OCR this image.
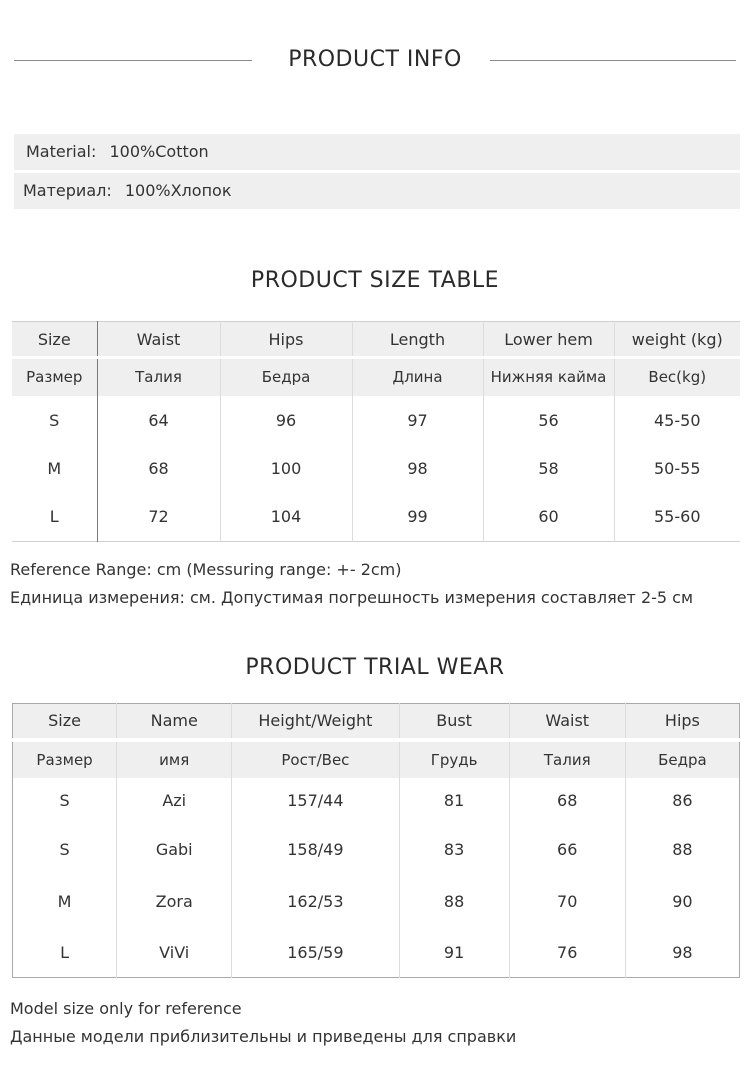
PRODUCT INFO
Material: 100%Cotton
Материал: 100%Хлопок
PRODUCT SIZE TABLE
Size	Waist	Hips	Length	Lower hem	weight (kg)
Размер	Талия	Бедра	Длина	Нижняя кайма	Вес(kg)
S	64	96	97	56	45-50
M	68	100	98	58	50-55
L	72	104	99	60	55-60
Reference Range: cm (Messuring range: +- 2cm)
Единица измерения: см. Допустимая погрешность измерения составляет 2-5 см
PRODUCT TRIAL WEAR
Size	Name	Height/Weight	Bust	Waist	Hips
Размер	имя	Рост/Вес	Грудь	Талия	Бедра
S	Azi	157/44	81	68	86
S	Gabi	158/49	83	66	88
M	Zora	162/53	88	70	90
L	ViVi	165/59	91	76	98
Model size only for reference
Данные модели приблизительны и приведены для справки
